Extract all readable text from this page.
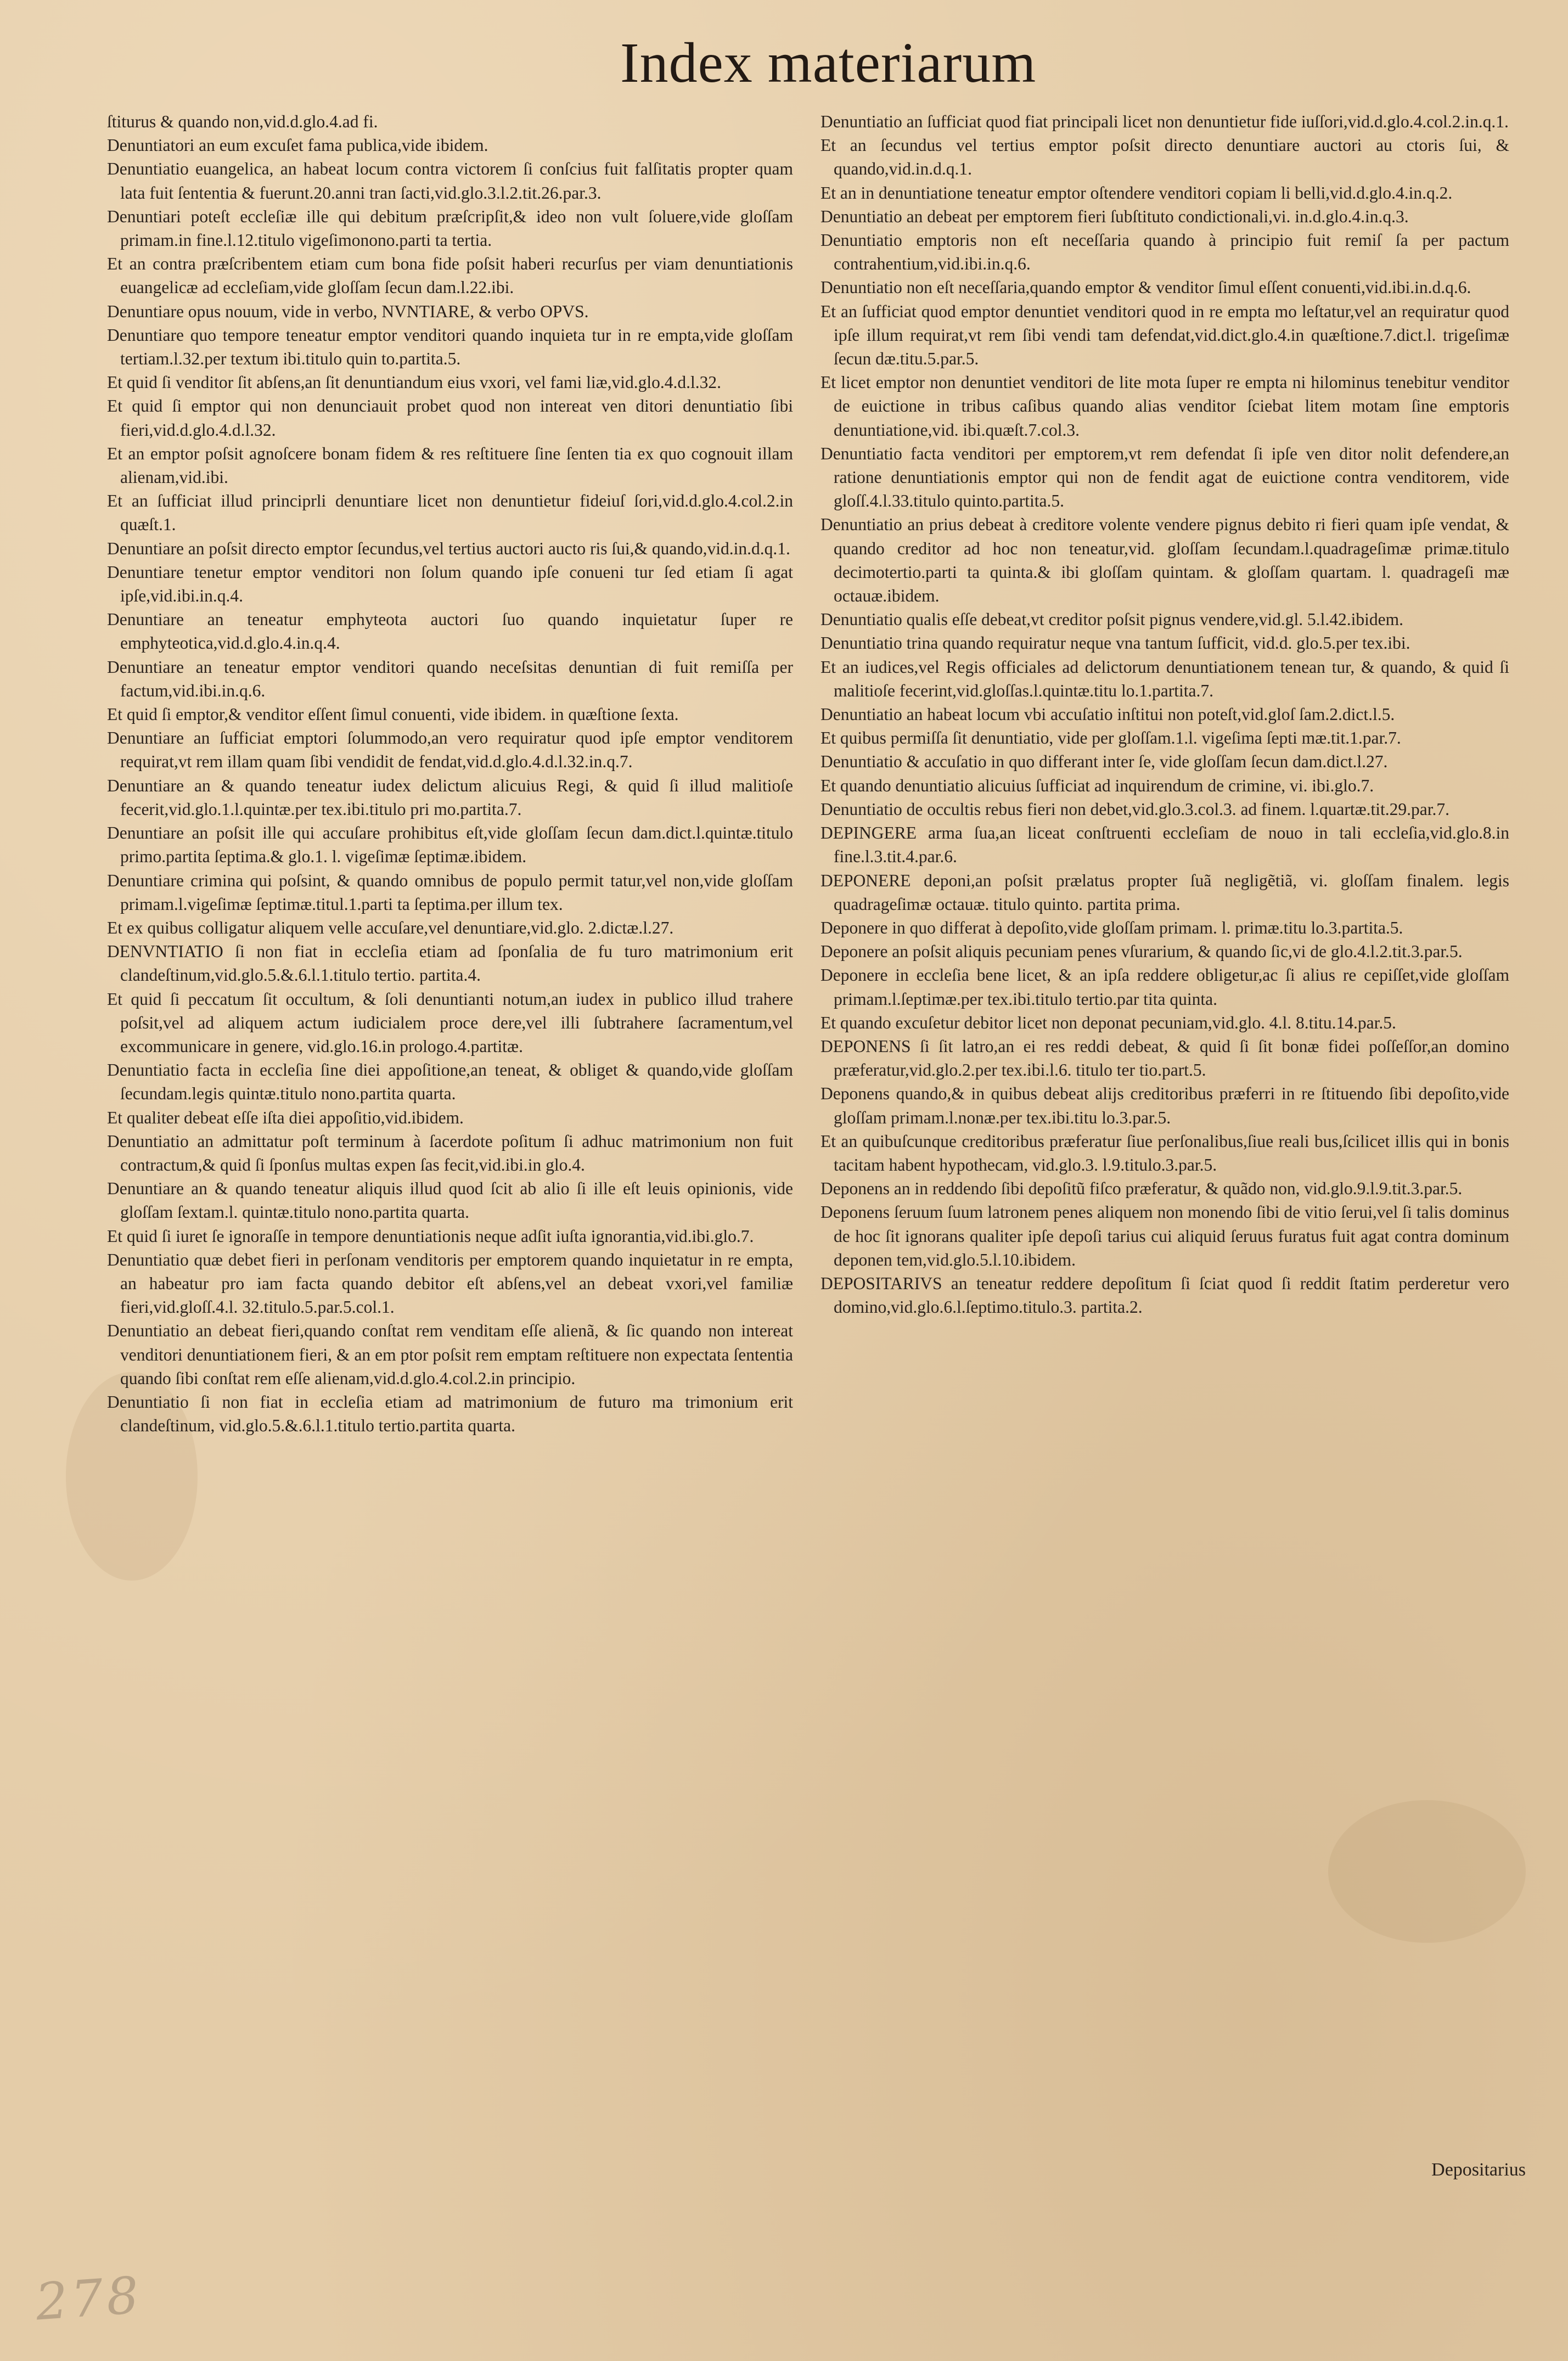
Index materiarum

ſtiturus & quando non,vid.d.glo.4.ad fi.

Denuntiatori an eum excuſet fama publica,vide ibidem.

Denuntiatio euangelica, an habeat locum contra victorem ſi conſcius fuit falſitatis propter quam lata fuit ſententia & fuerunt.20.anni tran ſacti,vid.glo.3.l.2.tit.26.par.3.

Denuntiari poteſt eccleſiæ ille qui debitum præſcripſit,& ideo non vult ſoluere,vide gloſſam primam.in fine.l.12.titulo vigeſimonono.parti ta tertia.

Et an contra præſcribentem etiam cum bona fide poſsit haberi recurſus per viam denuntiationis euangelicæ ad eccleſiam,vide gloſſam ſecun dam.l.22.ibi.

Denuntiare opus nouum, vide in verbo, NVNTIARE, & verbo OPVS.

Denuntiare quo tempore teneatur emptor venditori quando inquieta tur in re empta,vide gloſſam tertiam.l.32.per textum ibi.titulo quin to.partita.5.

Et quid ſi venditor ſit abſens,an ſit denuntiandum eius vxori, vel fami liæ,vid.glo.4.d.l.32.

Et quid ſi emptor qui non denunciauit probet quod non intereat ven ditori denuntiatio ſibi fieri,vid.d.glo.4.d.l.32.

Et an emptor poſsit agnoſcere bonam fidem & res reſtituere ſine ſenten tia ex quo cognouit illam alienam,vid.ibi.

Et an ſufficiat illud principrli denuntiare licet non denuntietur fideiuſ ſori,vid.d.glo.4.col.2.in quæſt.1.

Denuntiare an poſsit directo emptor ſecundus,vel tertius auctori aucto ris ſui,& quando,vid.in.d.q.1.

Denuntiare tenetur emptor venditori non ſolum quando ipſe conueni tur ſed etiam ſi agat ipſe,vid.ibi.in.q.4.

Denuntiare an teneatur emphyteota auctori ſuo quando inquietatur ſuper re emphyteotica,vid.d.glo.4.in.q.4.

Denuntiare an teneatur emptor venditori quando neceſsitas denuntian di fuit remiſſa per factum,vid.ibi.in.q.6.

Et quid ſi emptor,& venditor eſſent ſimul conuenti, vide ibidem. in quæſtione ſexta.

Denuntiare an ſufficiat emptori ſolummodo,an vero requiratur quod ipſe emptor venditorem requirat,vt rem illam quam ſibi vendidit de fendat,vid.d.glo.4.d.l.32.in.q.7.

Denuntiare an & quando teneatur iudex delictum alicuius Regi, & quid ſi illud malitioſe fecerit,vid.glo.1.l.quintæ.per tex.ibi.titulo pri mo.partita.7.

Denuntiare an poſsit ille qui accuſare prohibitus eſt,vide gloſſam ſecun dam.dict.l.quintæ.titulo primo.partita ſeptima.& glo.1. l. vigeſimæ ſeptimæ.ibidem.

Denuntiare crimina qui poſsint, & quando omnibus de populo permit tatur,vel non,vide gloſſam primam.l.vigeſimæ ſeptimæ.titul.1.parti ta ſeptima.per illum tex.

Et ex quibus colligatur aliquem velle accuſare,vel denuntiare,vid.glo. 2.dictæ.l.27.

DENVNTIATIO ſi non fiat in eccleſia etiam ad ſponſalia de fu turo matrimonium erit clandeſtinum,vid.glo.5.&.6.l.1.titulo tertio. partita.4.

Et quid ſi peccatum ſit occultum, & ſoli denuntianti notum,an iudex in publico illud trahere poſsit,vel ad aliquem actum iudicialem proce dere,vel illi ſubtrahere ſacramentum,vel excommunicare in genere, vid.glo.16.in prologo.4.partitæ.

Denuntiatio facta in eccleſia ſine diei appoſitione,an teneat, & obliget & quando,vide gloſſam ſecundam.legis quintæ.titulo nono.partita quarta.

Et qualiter debeat eſſe iſta diei appoſitio,vid.ibidem.

Denuntiatio an admittatur poſt terminum à ſacerdote poſitum ſi adhuc matrimonium non fuit contractum,& quid ſi ſponſus multas expen ſas fecit,vid.ibi.in glo.4.

Denuntiare an & quando teneatur aliquis illud quod ſcit ab alio ſi ille eſt leuis opinionis, vide gloſſam ſextam.l. quintæ.titulo nono.partita quarta.

Et quid ſi iuret ſe ignoraſſe in tempore denuntiationis neque adſit iuſta ignorantia,vid.ibi.glo.7.

Denuntiatio quæ debet fieri in perſonam venditoris per emptorem quando inquietatur in re empta, an habeatur pro iam facta quando debitor eſt abſens,vel an debeat vxori,vel familiæ fieri,vid.gloſſ.4.l. 32.titulo.5.par.5.col.1.

Denuntiatio an debeat fieri,quando conſtat rem venditam eſſe alienã, & ſic quando non intereat venditori denuntiationem fieri, & an em ptor poſsit rem emptam reſtituere non expectata ſententia quando ſibi conſtat rem eſſe alienam,vid.d.glo.4.col.2.in principio.

Denuntiatio ſi non fiat in eccleſia etiam ad matrimonium de futuro ma trimonium erit clandeſtinum, vid.glo.5.&.6.l.1.titulo tertio.partita quarta.

Denuntiatio an ſufficiat quod fiat principali licet non denuntietur fide iuſſori,vid.d.glo.4.col.2.in.q.1.

Et an ſecundus vel tertius emptor poſsit directo denuntiare auctori au ctoris ſui, & quando,vid.in.d.q.1.

Et an in denuntiatione teneatur emptor oſtendere venditori copiam li belli,vid.d.glo.4.in.q.2.

Denuntiatio an debeat per emptorem fieri ſubſtituto condictionali,vi. in.d.glo.4.in.q.3.

Denuntiatio emptoris non eſt neceſſaria quando à principio fuit remiſ ſa per pactum contrahentium,vid.ibi.in.q.6.

Denuntiatio non eſt neceſſaria,quando emptor & venditor ſimul eſſent conuenti,vid.ibi.in.d.q.6.

Et an ſufficiat quod emptor denuntiet venditori quod in re empta mo leſtatur,vel an requiratur quod ipſe illum requirat,vt rem ſibi vendi tam defendat,vid.dict.glo.4.in quæſtione.7.dict.l. trigeſimæ ſecun dæ.titu.5.par.5.

Et licet emptor non denuntiet venditori de lite mota ſuper re empta ni hilominus tenebitur venditor de euictione in tribus caſibus quando alias venditor ſciebat litem motam ſine emptoris denuntiatione,vid. ibi.quæſt.7.col.3.

Denuntiatio facta venditori per emptorem,vt rem defendat ſi ipſe ven ditor nolit defendere,an ratione denuntiationis emptor qui non de fendit agat de euictione contra venditorem, vide gloſſ.4.l.33.titulo quinto.partita.5.

Denuntiatio an prius debeat à creditore volente vendere pignus debito ri fieri quam ipſe vendat, & quando creditor ad hoc non teneatur,vid. gloſſam ſecundam.l.quadrageſimæ primæ.titulo decimotertio.parti ta quinta.& ibi gloſſam quintam. & gloſſam quartam. l. quadrageſi mæ octauæ.ibidem.

Denuntiatio qualis eſſe debeat,vt creditor poſsit pignus vendere,vid.gl. 5.l.42.ibidem.

Denuntiatio trina quando requiratur neque vna tantum ſufficit, vid.d. glo.5.per tex.ibi.

Et an iudices,vel Regis officiales ad delictorum denuntiationem tenean tur, & quando, & quid ſi malitioſe fecerint,vid.gloſſas.l.quintæ.titu lo.1.partita.7.

Denuntiatio an habeat locum vbi accuſatio inſtitui non poteſt,vid.gloſ ſam.2.dict.l.5.

Et quibus permiſſa ſit denuntiatio, vide per gloſſam.1.l. vigeſima ſepti mæ.tit.1.par.7.

Denuntiatio & accuſatio in quo differant inter ſe, vide gloſſam ſecun dam.dict.l.27.

Et quando denuntiatio alicuius ſufficiat ad inquirendum de crimine, vi. ibi.glo.7.

Denuntiatio de occultis rebus fieri non debet,vid.glo.3.col.3. ad finem. l.quartæ.tit.29.par.7.

DEPINGERE arma ſua,an liceat conſtruenti eccleſiam de nouo in tali eccleſia,vid.glo.8.in fine.l.3.tit.4.par.6.

DEPONERE deponi,an poſsit prælatus propter ſuã negligẽtiã, vi. gloſſam finalem. legis quadrageſimæ octauæ. titulo quinto. partita prima.

Deponere in quo differat à depoſito,vide gloſſam primam. l. primæ.titu lo.3.partita.5.

Deponere an poſsit aliquis pecuniam penes vſurarium, & quando ſic,vi de glo.4.l.2.tit.3.par.5.

Deponere in eccleſia bene licet, & an ipſa reddere obligetur,ac ſi alius re cepiſſet,vide gloſſam primam.l.ſeptimæ.per tex.ibi.titulo tertio.par tita quinta.

Et quando excuſetur debitor licet non deponat pecuniam,vid.glo. 4.l. 8.titu.14.par.5.

DEPONENS ſi ſit latro,an ei res reddi debeat, & quid ſi ſit bonæ fidei poſſeſſor,an domino præferatur,vid.glo.2.per tex.ibi.l.6. titulo ter tio.part.5.

Deponens quando,& in quibus debeat alijs creditoribus præferri in re ſtituendo ſibi depoſito,vide gloſſam primam.l.nonæ.per tex.ibi.titu lo.3.par.5.

Et an quibuſcunque creditoribus præferatur ſiue perſonalibus,ſiue reali bus,ſcilicet illis qui in bonis tacitam habent hypothecam, vid.glo.3. l.9.titulo.3.par.5.

Deponens an in reddendo ſibi depoſitũ fiſco præferatur, & quãdo non, vid.glo.9.l.9.tit.3.par.5.

Deponens ſeruum ſuum latronem penes aliquem non monendo ſibi de vitio ſerui,vel ſi talis dominus de hoc ſit ignorans qualiter ipſe depoſi tarius cui aliquid ſeruus furatus fuit agat contra dominum deponen tem,vid.glo.5.l.10.ibidem.

DEPOSITARIVS an teneatur reddere depoſitum ſi ſciat quod ſi reddit ſtatim perderetur vero domino,vid.glo.6.l.ſeptimo.titulo.3. partita.2.

Depositarius
278
